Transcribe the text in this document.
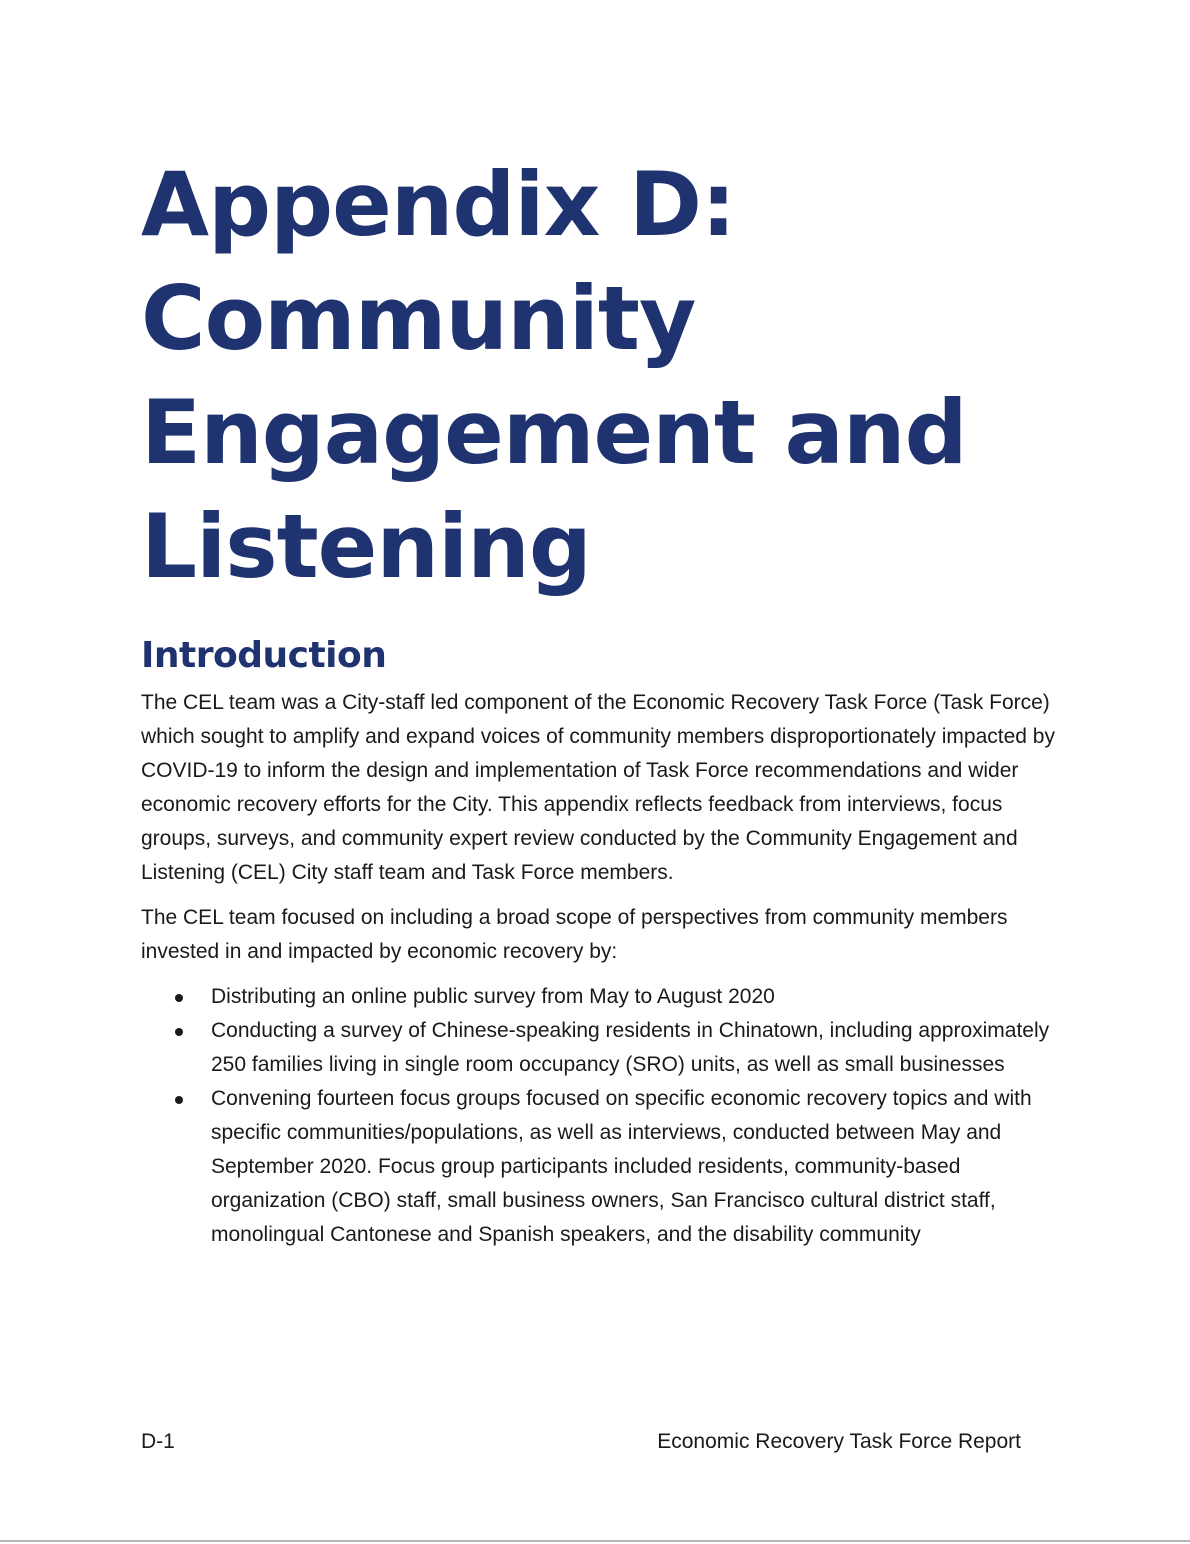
Appendix D:
Community
Engagement and
Listening
Introduction

The CEL team was a City-staff led component of the Economic Recovery Task Force (Task Force) which sought to amplify and expand voices of community members disproportionately impacted by COVID-19 to inform the design and implementation of Task Force recommendations and wider economic recovery efforts for the City. This appendix reflects feedback from interviews, focus groups, surveys, and community expert review conducted by the Community Engagement and Listening (CEL) City staff team and Task Force members.

The CEL team focused on including a broad scope of perspectives from community members invested in and impacted by economic recovery by:

Distributing an online public survey from May to August 2020
Conducting a survey of Chinese-speaking residents in Chinatown, including approximately 250 families living in single room occupancy (SRO) units, as well as small businesses
Convening fourteen focus groups focused on specific economic recovery topics and with specific communities/populations, as well as interviews, conducted between May and September 2020. Focus group participants included residents, community-based organization (CBO) staff, small business owners, San Francisco cultural district staff, monolingual Cantonese and Spanish speakers, and the disability community
D-1	Economic Recovery Task Force Report
